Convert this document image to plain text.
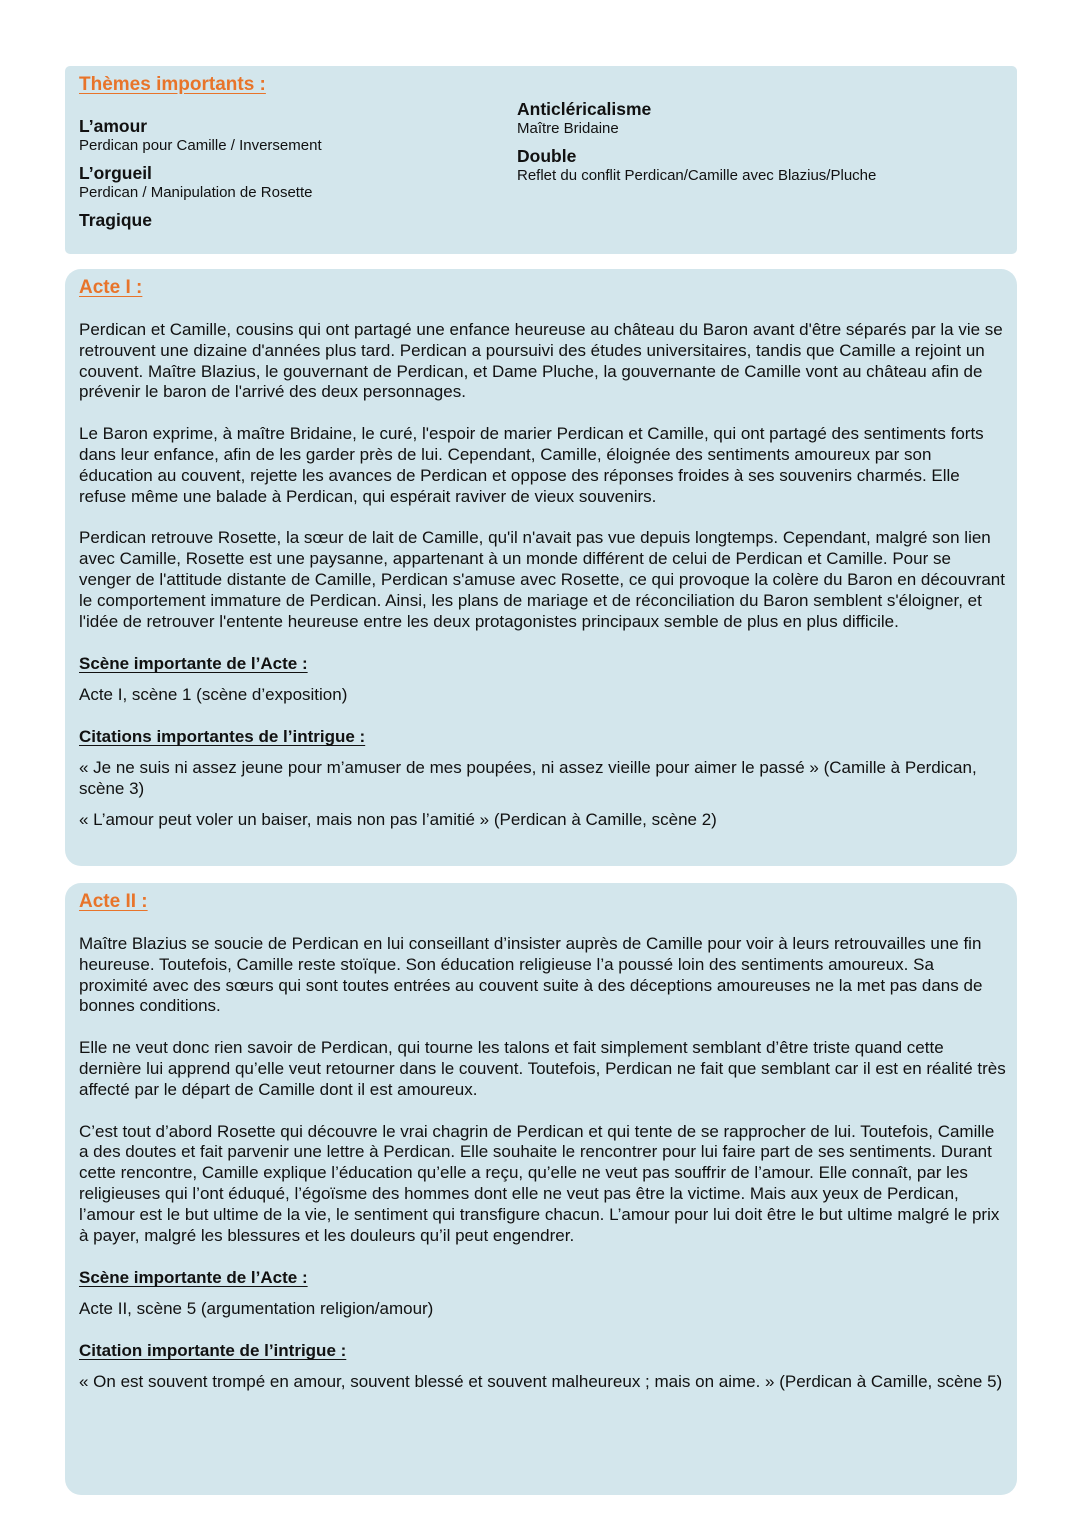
Thèmes importants :
L’amour
Perdican pour Camille / Inversement
L’orgueil
Perdican / Manipulation de Rosette
Tragique
Anticléricalisme
Maître Bridaine
Double
Reflet du conflit Perdican/Camille avec Blazius/Pluche
Acte I :

Perdican et Camille, cousins qui ont partagé une enfance heureuse au château du Baron avant d'être séparés par la vie se retrouvent une dizaine d'années plus tard. Perdican a poursuivi des études universitaires, tandis que Camille a rejoint un couvent. Maître Blazius, le gouvernant de Perdican, et Dame Pluche, la gouvernante de Camille vont au château afin de prévenir le baron de l'arrivé des deux personnages.

Le Baron exprime, à maître Bridaine, le curé, l'espoir de marier Perdican et Camille, qui ont partagé des sentiments forts dans leur enfance, afin de les garder près de lui. Cependant, Camille, éloignée des sentiments amoureux par son éducation au couvent, rejette les avances de Perdican et oppose des réponses froides à ses souvenirs charmés. Elle refuse même une balade à Perdican, qui espérait raviver de vieux souvenirs.

Perdican retrouve Rosette, la sœur de lait de Camille, qu'il n'avait pas vue depuis longtemps. Cependant, malgré son lien avec Camille, Rosette est une paysanne, appartenant à un monde différent de celui de Perdican et Camille. Pour se venger de l'attitude distante de Camille, Perdican s'amuse avec Rosette, ce qui provoque la colère du Baron en découvrant le comportement immature de Perdican. Ainsi, les plans de mariage et de réconciliation du Baron semblent s'éloigner, et l'idée de retrouver l'entente heureuse entre les deux protagonistes principaux semble de plus en plus difficile.

Scène importante de l’Acte :
Acte I, scène 1 (scène d’exposition)
Citations importantes de l’intrigue :
« Je ne suis ni assez jeune pour m’amuser de mes poupées, ni assez vieille pour aimer le passé » (Camille à Perdican, scène 3)
« L’amour peut voler un baiser, mais non pas l’amitié » (Perdican à Camille, scène 2)
Acte II :

Maître Blazius se soucie de Perdican en lui conseillant d’insister auprès de Camille pour voir à leurs retrouvailles une fin heureuse. Toutefois, Camille reste stoïque. Son éducation religieuse l’a poussé loin des sentiments amoureux. Sa proximité avec des sœurs qui sont toutes entrées au couvent suite à des déceptions amoureuses ne la met pas dans de bonnes conditions.

Elle ne veut donc rien savoir de Perdican, qui tourne les talons et fait simplement semblant d’être triste quand cette dernière lui apprend qu’elle veut retourner dans le couvent. Toutefois, Perdican ne fait que semblant car il est en réalité très affecté par le départ de Camille dont il est amoureux.

C’est tout d’abord Rosette qui découvre le vrai chagrin de Perdican et qui tente de se rapprocher de lui. Toutefois, Camille a des doutes et fait parvenir une lettre à Perdican. Elle souhaite le rencontrer pour lui faire part de ses sentiments. Durant cette rencontre, Camille explique l’éducation qu’elle a reçu, qu’elle ne veut pas souffrir de l’amour. Elle connaît, par les religieuses qui l’ont éduqué, l’égoïsme des hommes dont elle ne veut pas être la victime. Mais aux yeux de Perdican, l’amour est le but ultime de la vie, le sentiment qui transfigure chacun. L’amour pour lui doit être le but ultime malgré le prix à payer, malgré les blessures et les douleurs qu’il peut engendrer.

Scène importante de l’Acte :
Acte II, scène 5 (argumentation religion/amour)
Citation importante de l’intrigue :
« On est souvent trompé en amour, souvent blessé et souvent malheureux ; mais on aime. » (Perdican à Camille, scène 5)
